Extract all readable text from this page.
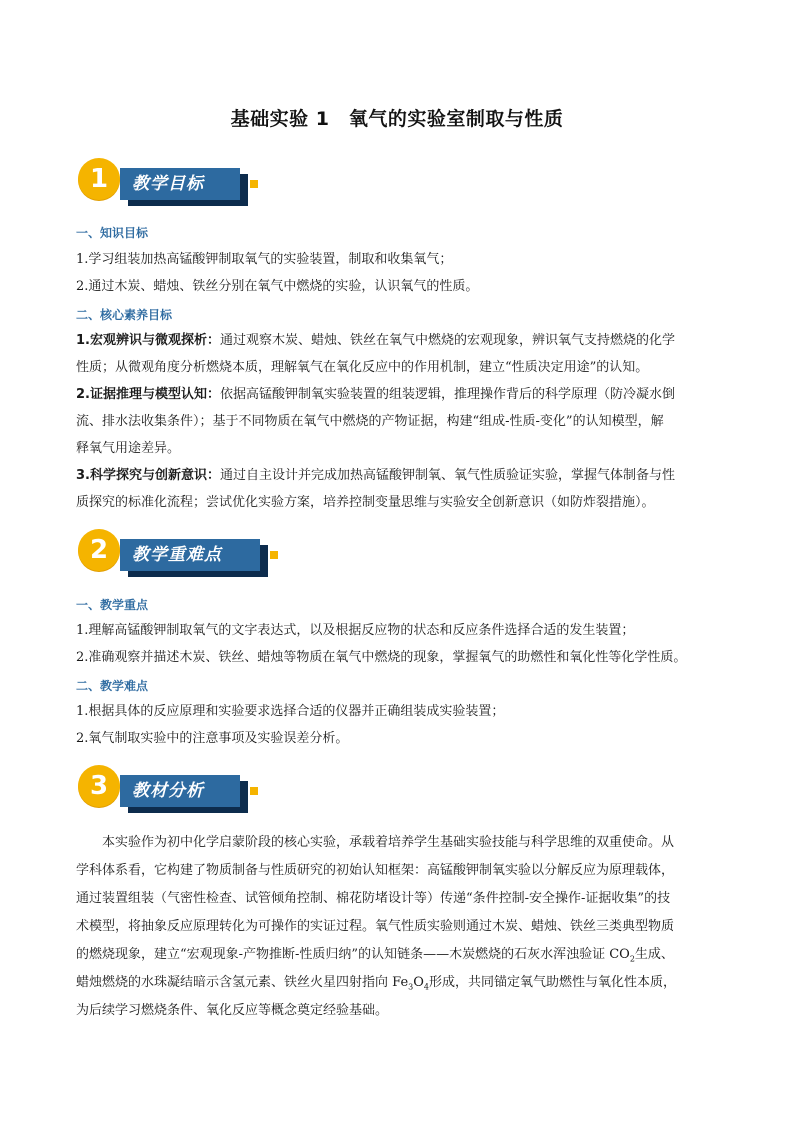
基础实验 1　氧气的实验室制取与性质
1	教学目标
一、知识目标
1.学习组装加热高锰酸钾制取氧气的实验装置，制取和收集氧气；
2.通过木炭、蜡烛、铁丝分别在氧气中燃烧的实验，认识氧气的性质。
二、核心素养目标
1.宏观辨识与微观探析：通过观察木炭、蜡烛、铁丝在氧气中燃烧的宏观现象，辨识氧气支持燃烧的化学
性质；从微观角度分析燃烧本质，理解氧气在氧化反应中的作用机制，建立“性质决定用途”的认知。
2.证据推理与模型认知：依据高锰酸钾制氧实验装置的组装逻辑，推理操作背后的科学原理（防冷凝水倒
流、排水法收集条件）；基于不同物质在氧气中燃烧的产物证据，构建“组成-性质-变化”的认知模型，解
释氧气用途差异。
3.科学探究与创新意识：通过自主设计并完成加热高锰酸钾制氧、氧气性质验证实验，掌握气体制备与性
质探究的标准化流程；尝试优化实验方案，培养控制变量思维与实验安全创新意识（如防炸裂措施）。
2	教学重难点
一、教学重点
1.理解高锰酸钾制取氧气的文字表达式，以及根据反应物的状态和反应条件选择合适的发生装置；
2.准确观察并描述木炭、铁丝、蜡烛等物质在氧气中燃烧的现象，掌握氧气的助燃性和氧化性等化学性质。
二、教学难点
1.根据具体的反应原理和实验要求选择合适的仪器并正确组装成实验装置；
2.氧气制取实验中的注意事项及实验误差分析。
3	教材分析
　　本实验作为初中化学启蒙阶段的核心实验，承载着培养学生基础实验技能与科学思维的双重使命。从
学科体系看，它构建了物质制备与性质研究的初始认知框架：高锰酸钾制氧实验以分解反应为原理载体，
通过装置组装（气密性检查、试管倾角控制、棉花防堵设计等）传递“条件控制-安全操作-证据收集”的技
术模型，将抽象反应原理转化为可操作的实证过程。氧气性质实验则通过木炭、蜡烛、铁丝三类典型物质
的燃烧现象，建立“宏观现象-产物推断-性质归纳”的认知链条——木炭燃烧的石灰水浑浊验证 $CO_2$生成、
蜡烛燃烧的水珠凝结暗示含氢元素、铁丝火星四射指向 $Fe_3O_4$形成，共同锚定氧气助燃性与氧化性本质，
为后续学习燃烧条件、氧化反应等概念奠定经验基础。
